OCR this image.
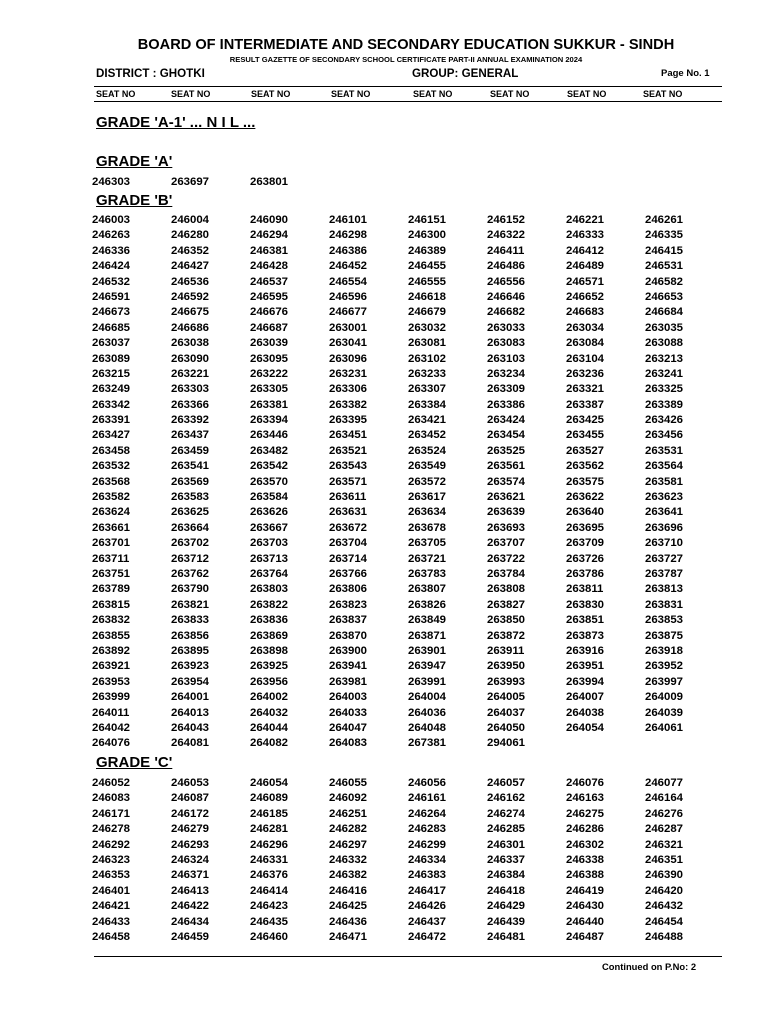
BOARD OF INTERMEDIATE AND SECONDARY EDUCATION SUKKUR - SINDH
RESULT GAZETTE OF SECONDARY SCHOOL CERTIFICATE PART-II ANNUAL EXAMINATION 2024
DISTRICT : GHOTKI	GROUP: GENERAL	Page No. 1
SEAT NO	SEAT NO	SEAT NO	SEAT NO	SEAT NO	SEAT NO	SEAT NO	SEAT NO
GRADE 'A-1' ... N I L ...
GRADE 'A'
GRADE 'B'
GRADE 'C'
246303	263697	263801
246003	246004	246090	246101	246151	246152	246221	246261
246263	246280	246294	246298	246300	246322	246333	246335
246336	246352	246381	246386	246389	246411	246412	246415
246424	246427	246428	246452	246455	246486	246489	246531
246532	246536	246537	246554	246555	246556	246571	246582
246591	246592	246595	246596	246618	246646	246652	246653
246673	246675	246676	246677	246679	246682	246683	246684
246685	246686	246687	263001	263032	263033	263034	263035
263037	263038	263039	263041	263081	263083	263084	263088
263089	263090	263095	263096	263102	263103	263104	263213
263215	263221	263222	263231	263233	263234	263236	263241
263249	263303	263305	263306	263307	263309	263321	263325
263342	263366	263381	263382	263384	263386	263387	263389
263391	263392	263394	263395	263421	263424	263425	263426
263427	263437	263446	263451	263452	263454	263455	263456
263458	263459	263482	263521	263524	263525	263527	263531
263532	263541	263542	263543	263549	263561	263562	263564
263568	263569	263570	263571	263572	263574	263575	263581
263582	263583	263584	263611	263617	263621	263622	263623
263624	263625	263626	263631	263634	263639	263640	263641
263661	263664	263667	263672	263678	263693	263695	263696
263701	263702	263703	263704	263705	263707	263709	263710
263711	263712	263713	263714	263721	263722	263726	263727
263751	263762	263764	263766	263783	263784	263786	263787
263789	263790	263803	263806	263807	263808	263811	263813
263815	263821	263822	263823	263826	263827	263830	263831
263832	263833	263836	263837	263849	263850	263851	263853
263855	263856	263869	263870	263871	263872	263873	263875
263892	263895	263898	263900	263901	263911	263916	263918
263921	263923	263925	263941	263947	263950	263951	263952
263953	263954	263956	263981	263991	263993	263994	263997
263999	264001	264002	264003	264004	264005	264007	264009
264011	264013	264032	264033	264036	264037	264038	264039
264042	264043	264044	264047	264048	264050	264054	264061
264076	264081	264082	264083	267381	294061
246052	246053	246054	246055	246056	246057	246076	246077
246083	246087	246089	246092	246161	246162	246163	246164
246171	246172	246185	246251	246264	246274	246275	246276
246278	246279	246281	246282	246283	246285	246286	246287
246292	246293	246296	246297	246299	246301	246302	246321
246323	246324	246331	246332	246334	246337	246338	246351
246353	246371	246376	246382	246383	246384	246388	246390
246401	246413	246414	246416	246417	246418	246419	246420
246421	246422	246423	246425	246426	246429	246430	246432
246433	246434	246435	246436	246437	246439	246440	246454
246458	246459	246460	246471	246472	246481	246487	246488
Continued on P.No: 2
